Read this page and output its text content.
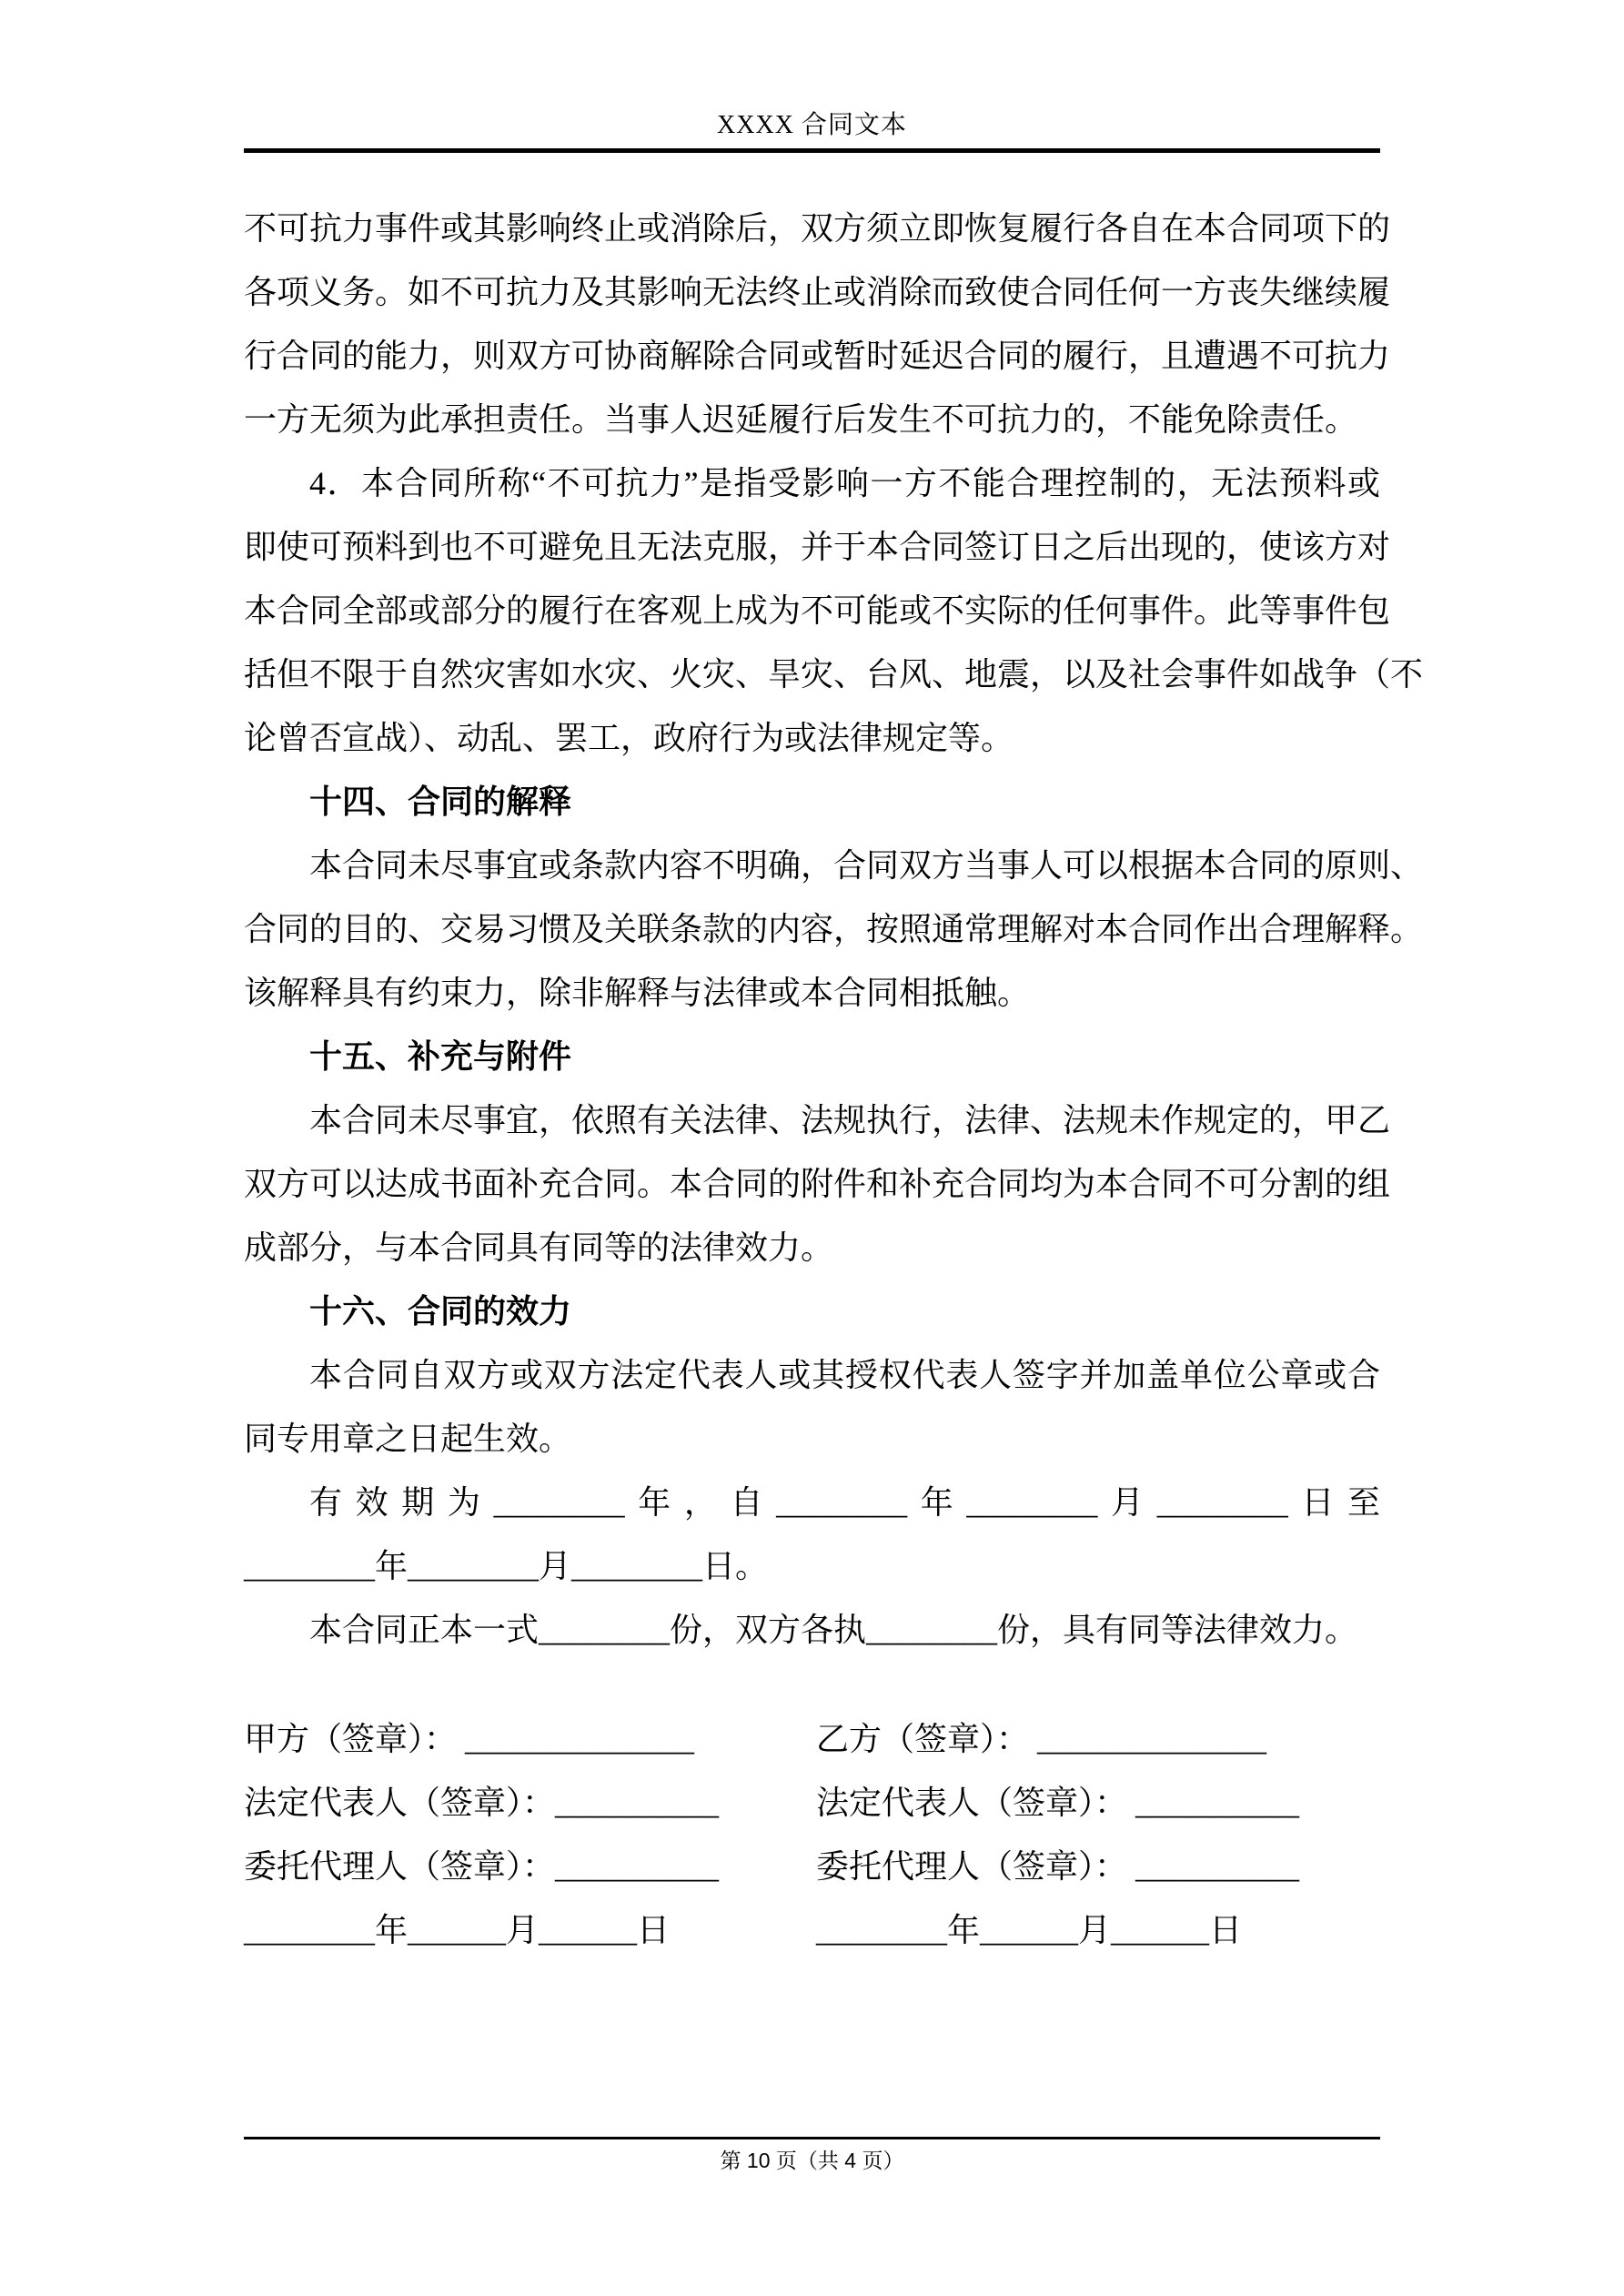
XXXX 合同文本
不可抗力事件或其影响终止或消除后，双方须立即恢复履行各自在本合同项下的
各项义务。如不可抗力及其影响无法终止或消除而致使合同任何一方丧失继续履
行合同的能力，则双方可协商解除合同或暂时延迟合同的履行，且遭遇不可抗力
一方无须为此承担责任。当事人迟延履行后发生不可抗力的，不能免除责任。
4．本合同所称“不可抗力”是指受影响一方不能合理控制的，无法预料或
即使可预料到也不可避免且无法克服，并于本合同签订日之后出现的，使该方对
本合同全部或部分的履行在客观上成为不可能或不实际的任何事件。此等事件包
括但不限于自然灾害如水灾、火灾、旱灾、台风、地震，以及社会事件如战争（不
论曾否宣战）、动乱、罢工，政府行为或法律规定等。
十四、合同的解释
本合同未尽事宜或条款内容不明确，合同双方当事人可以根据本合同的原则、
合同的目的、交易习惯及关联条款的内容，按照通常理解对本合同作出合理解释。
该解释具有约束力，除非解释与法律或本合同相抵触。
十五、补充与附件
本合同未尽事宜，依照有关法律、法规执行，法律、法规未作规定的，甲乙
双方可以达成书面补充合同。本合同的附件和补充合同均为本合同不可分割的组
成部分，与本合同具有同等的法律效力。
十六、合同的效力
本合同自双方或双方法定代表人或其授权代表人签字并加盖单位公章或合
同专用章之日起生效。
有效期为________年，自________年________月________日至
________年________月________日。
本合同正本一式________份，双方各执________份，具有同等法律效力。
甲方（签章）： ______________	乙方（签章）： ______________
法定代表人（签章）：__________	法定代表人（签章）： __________
委托代理人（签章）：__________	委托代理人（签章）： __________
________年______月______日	________年______月______日
第 10 页（共 4 页）
